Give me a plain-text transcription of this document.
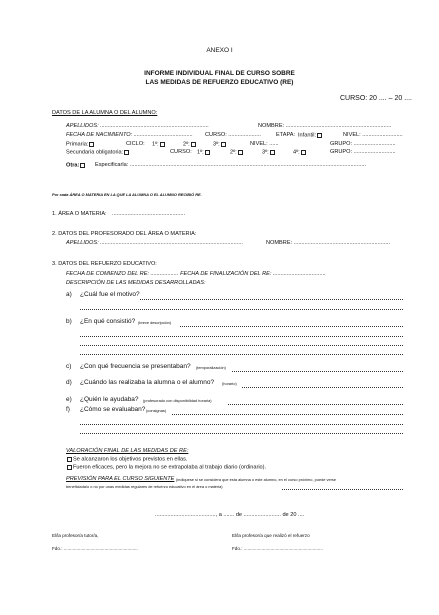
ANEXO I
INFORME INDIVIDUAL FINAL DE CURSO SOBRE
LAS MEDIDAS DE REFUERZO EDUCATIVO (RE)
CURSO: 20 .... – 20 ....
DATOS DE LA ALUMNA O DEL ALUMNO:
APELLIDOS: ......................................................................	NOMBRE: ....................................................................
FECHA DE NACIMIENTO: ...................................... CURSO: .....................	ETAPA: Infantil:	NIVEL: ..........................
Primaria:	CICLO: 1º:	2º:	3º:	NIVEL: ......	GRUPO: ...........................
Secundaria obligatoria:	CURSO: 1º:	2º:	3º:	4º:	GRUPO: ...........................
Otra:	Especificarla: ........................................................................................................................................................
Por cada ÁREA O MATERIA EN LA QUE LA ALUMNA O EL ALUMNO RECIBIÓ RE.
1. ÁREA O MATERIA: ...............................................
2. DATOS DEL PROFESORADO DEL ÁREA O MATERIA:
APELLIDOS: ............................................................................................	NOMBRE: ..............................................................
3. DATOS DEL REFUERZO EDUCATIVO:
FECHA DE COMIENZO DEL RE: .................. FECHA DE FINALIZACIÓN DEL RE: ..................................
DESCRIPCIÓN DE LAS MEDIDAS DESARROLLADAS:
a) ¿Cuál fue el motivo?
b) ¿En qué consistió? (breve descripción)
c) ¿Con qué frecuencia se presentaban? (temporalización)
d) ¿Cuándo las realizaba la alumna o el alumno? (horario)
e) ¿Quién le ayudaba? (profesorado con disponibilidad horaria)
f) ¿Cómo se evaluaban? (consignas)
VALORACIÓN FINAL DE LAS MEDIDAS DE RE:
Se alcanzaron los objetivos previstos en ellas.
Fueron eficaces, pero la mejora no se extrapolaba al trabajo diario (ordinario).
PREVISIÓN PARA EL CURSO SIGUIENTE (indiquese si se considera que esta alumna o este alumno, en el curso próximo, puede verse
beneficiada/o o no por unas medidas regulares de refuerzo educativo en el área o materia)
......................................., a ....... de ........................ de 20 ....
El/la profesor/a tutor/a,	El/la profesor/a que realizó el refuerzo
Fdo.: ..........................................................	Fdo.: ..............................................................
